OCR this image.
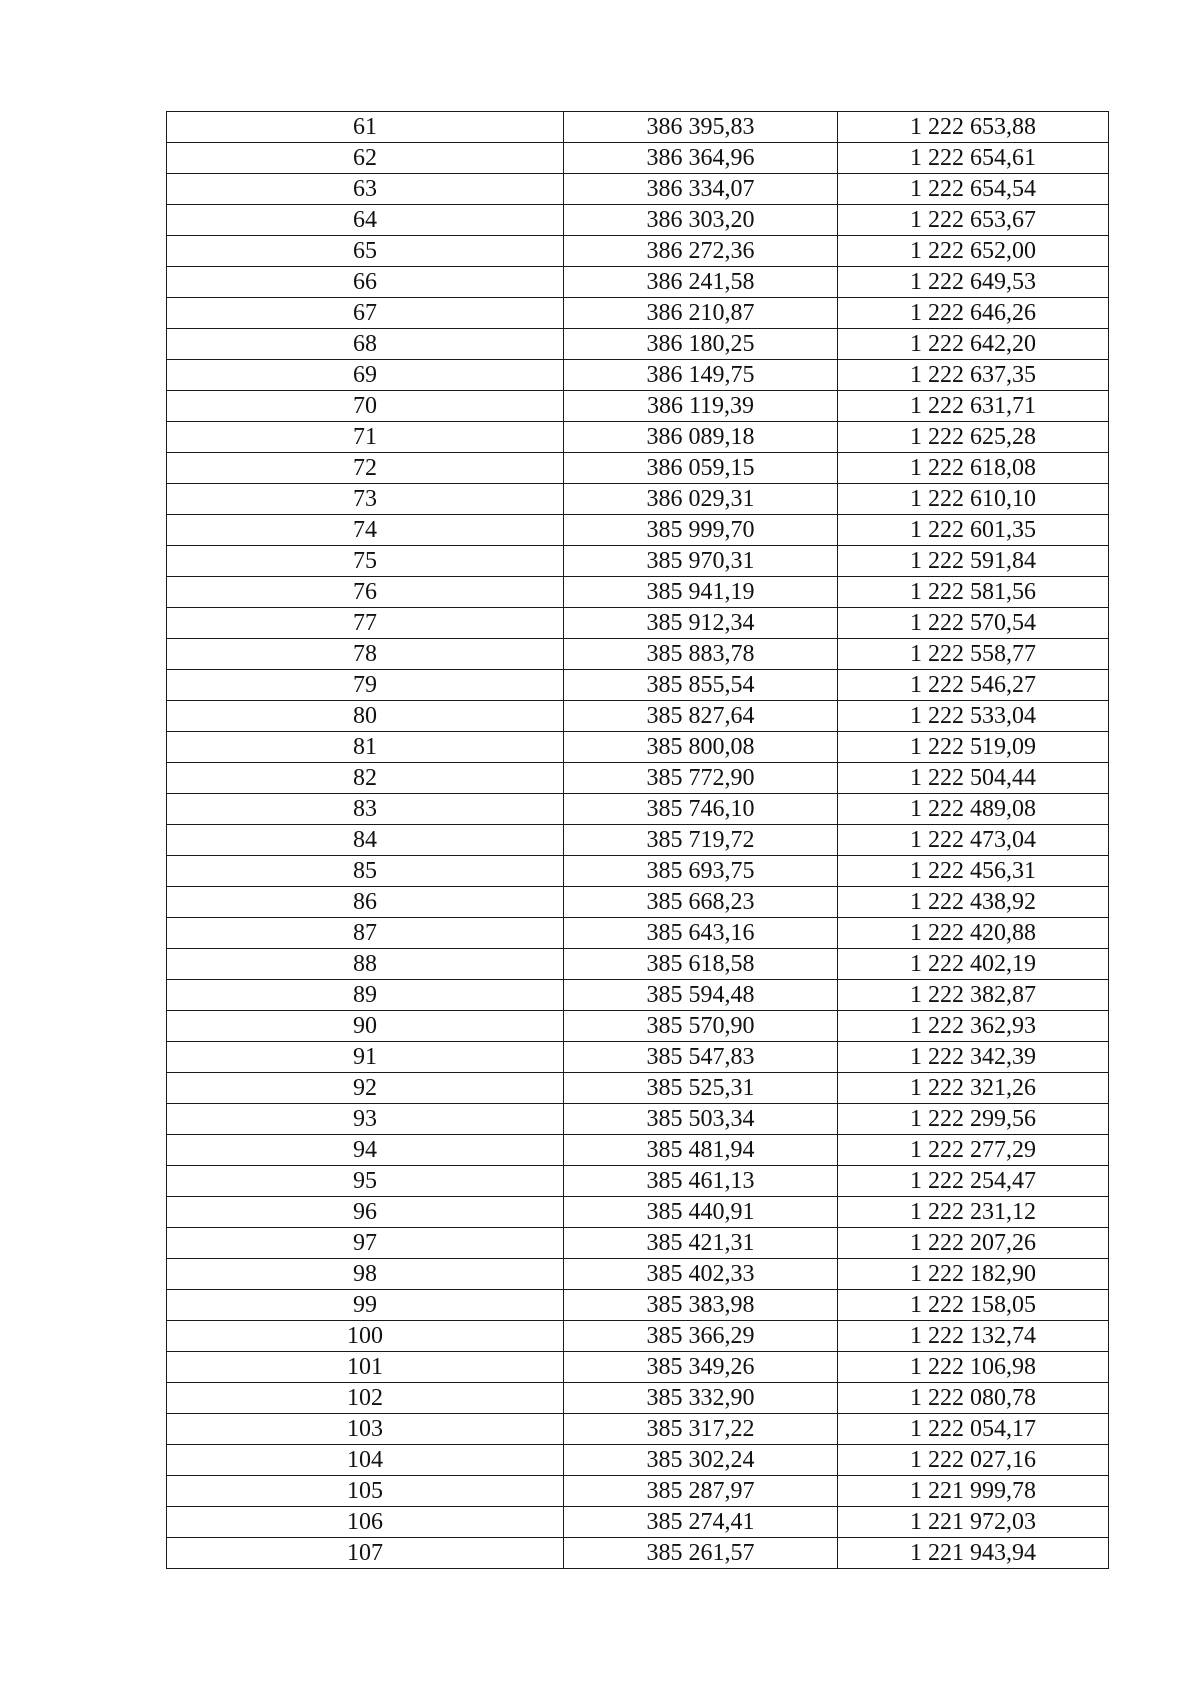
61	386 395,83	1 222 653,88
62	386 364,96	1 222 654,61
63	386 334,07	1 222 654,54
64	386 303,20	1 222 653,67
65	386 272,36	1 222 652,00
66	386 241,58	1 222 649,53
67	386 210,87	1 222 646,26
68	386 180,25	1 222 642,20
69	386 149,75	1 222 637,35
70	386 119,39	1 222 631,71
71	386 089,18	1 222 625,28
72	386 059,15	1 222 618,08
73	386 029,31	1 222 610,10
74	385 999,70	1 222 601,35
75	385 970,31	1 222 591,84
76	385 941,19	1 222 581,56
77	385 912,34	1 222 570,54
78	385 883,78	1 222 558,77
79	385 855,54	1 222 546,27
80	385 827,64	1 222 533,04
81	385 800,08	1 222 519,09
82	385 772,90	1 222 504,44
83	385 746,10	1 222 489,08
84	385 719,72	1 222 473,04
85	385 693,75	1 222 456,31
86	385 668,23	1 222 438,92
87	385 643,16	1 222 420,88
88	385 618,58	1 222 402,19
89	385 594,48	1 222 382,87
90	385 570,90	1 222 362,93
91	385 547,83	1 222 342,39
92	385 525,31	1 222 321,26
93	385 503,34	1 222 299,56
94	385 481,94	1 222 277,29
95	385 461,13	1 222 254,47
96	385 440,91	1 222 231,12
97	385 421,31	1 222 207,26
98	385 402,33	1 222 182,90
99	385 383,98	1 222 158,05
100	385 366,29	1 222 132,74
101	385 349,26	1 222 106,98
102	385 332,90	1 222 080,78
103	385 317,22	1 222 054,17
104	385 302,24	1 222 027,16
105	385 287,97	1 221 999,78
106	385 274,41	1 221 972,03
107	385 261,57	1 221 943,94
